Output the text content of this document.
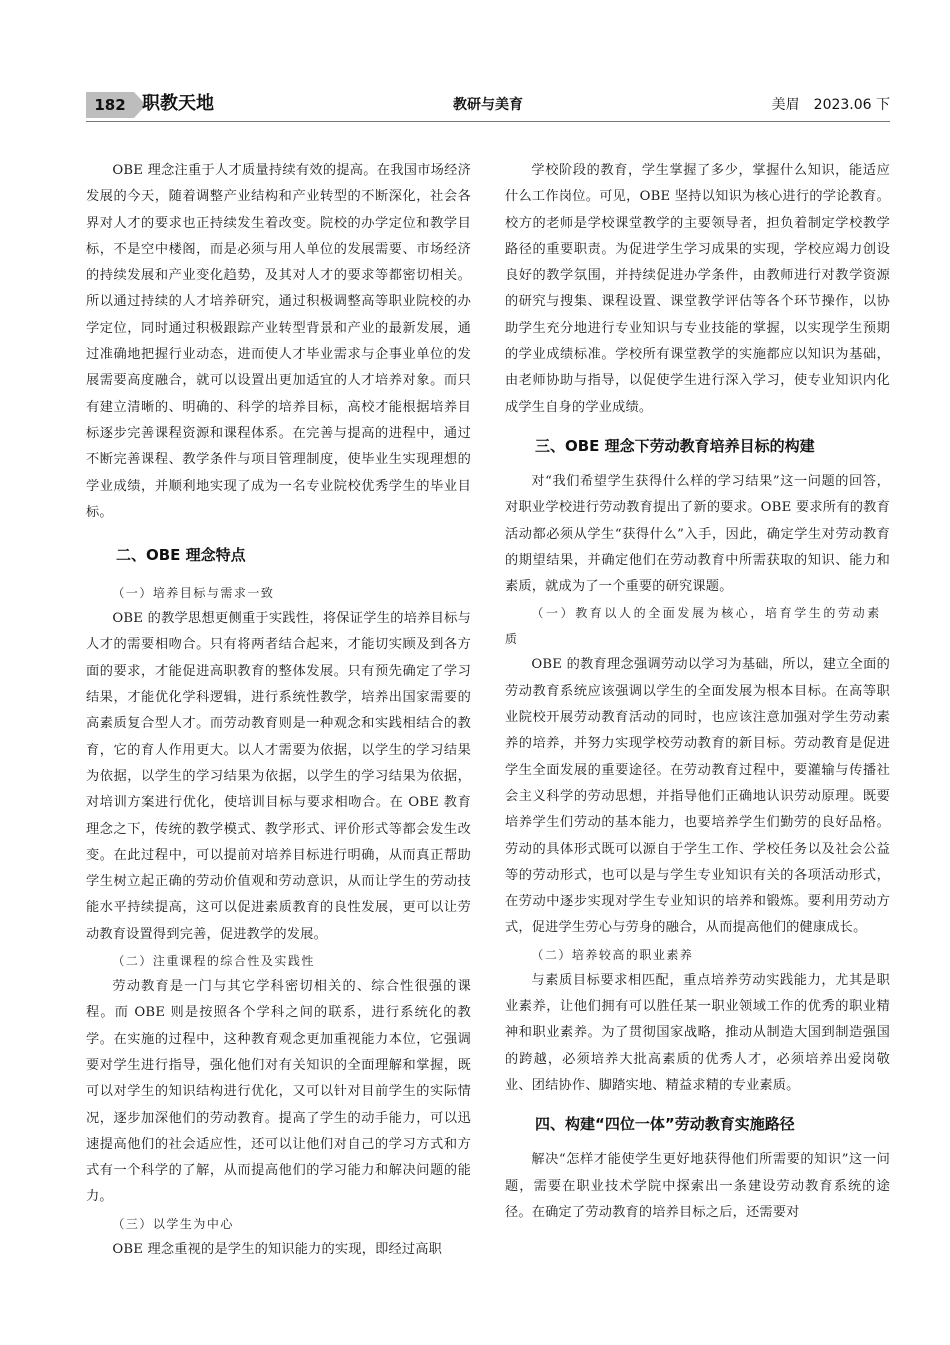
182 职教天地	教研与美育	美眉　2023.06 下

OBE 理念注重于人才质量持续有效的提高。在我国市场经济发展的今天，随着调整产业结构和产业转型的不断深化，社会各界对人才的要求也正持续发生着改变。院校的办学定位和教学目标，不是空中楼阁，而是必须与用人单位的发展需要、市场经济的持续发展和产业变化趋势，及其对人才的要求等都密切相关。所以通过持续的人才培养研究，通过积极调整高等职业院校的办学定位，同时通过积极跟踪产业转型背景和产业的最新发展，通过准确地把握行业动态，进而使人才毕业需求与企事业单位的发展需要高度融合，就可以设置出更加适宜的人才培养对象。而只有建立清晰的、明确的、科学的培养目标，高校才能根据培养目标逐步完善课程资源和课程体系。在完善与提高的进程中，通过不断完善课程、教学条件与项目管理制度，使毕业生实现理想的学业成绩，并顺利地实现了成为一名专业院校优秀学生的毕业目标。

二、OBE 理念特点
（一）培养目标与需求一致

OBE 的教学思想更侧重于实践性，将保证学生的培养目标与人才的需要相吻合。只有将两者结合起来，才能切实顾及到各方面的要求，才能促进高职教育的整体发展。只有预先确定了学习结果，才能优化学科逻辑，进行系统性教学，培养出国家需要的高素质复合型人才。而劳动教育则是一种观念和实践相结合的教育，它的育人作用更大。以人才需要为依据，以学生的学习结果为依据，以学生的学习结果为依据，以学生的学习结果为依据，对培训方案进行优化，使培训目标与要求相吻合。在 OBE 教育理念之下，传统的教学模式、教学形式、评价形式等都会发生改变。在此过程中，可以提前对培养目标进行明确，从而真正帮助学生树立起正确的劳动价值观和劳动意识，从而让学生的劳动技能水平持续提高，这可以促进素质教育的良性发展，更可以让劳动教育设置得到完善，促进教学的发展。

（二）注重课程的综合性及实践性

劳动教育是一门与其它学科密切相关的、综合性很强的课程。而 OBE 则是按照各个学科之间的联系，进行系统化的教学。在实施的过程中，这种教育观念更加重视能力本位，它强调要对学生进行指导，强化他们对有关知识的全面理解和掌握，既可以对学生的知识结构进行优化，又可以针对目前学生的实际情况，逐步加深他们的劳动教育。提高了学生的动手能力，可以迅速提高他们的社会适应性，还可以让他们对自己的学习方式和方式有一个科学的了解，从而提高他们的学习能力和解决问题的能力。

（三）以学生为中心

OBE 理念重视的是学生的知识能力的实现，即经过高职

学校阶段的教育，学生掌握了多少，掌握什么知识，能适应什么工作岗位。可见，OBE 坚持以知识为核心进行的学论教育。校方的老师是学校课堂教学的主要领导者，担负着制定学校教学路径的重要职责。为促进学生学习成果的实现，学校应竭力创设良好的教学氛围，并持续促进办学条件，由教师进行对教学资源的研究与搜集、课程设置、课堂教学评估等各个环节操作，以协助学生充分地进行专业知识与专业技能的掌握，以实现学生预期的学业成绩标准。学校所有课堂教学的实施都应以知识为基础，由老师协助与指导，以促使学生进行深入学习，使专业知识内化成学生自身的学业成绩。

三、OBE 理念下劳动教育培养目标的构建

对“我们希望学生获得什么样的学习结果”这一问题的回答，对职业学校进行劳动教育提出了新的要求。OBE 要求所有的教育活动都必须从学生“获得什么”入手，因此，确定学生对劳动教育的期望结果，并确定他们在劳动教育中所需获取的知识、能力和素质，就成为了一个重要的研究课题。

（一）教育以人的全面发展为核心，培育学生的劳动素质

OBE 的教育理念强调劳动以学习为基础，所以，建立全面的劳动教育系统应该强调以学生的全面发展为根本目标。在高等职业院校开展劳动教育活动的同时，也应该注意加强对学生劳动素养的培养，并努力实现学校劳动教育的新目标。劳动教育是促进学生全面发展的重要途径。在劳动教育过程中，要灌输与传播社会主义科学的劳动思想，并指导他们正确地认识劳动原理。既要培养学生们劳动的基本能力，也要培养学生们勤劳的良好品格。劳动的具体形式既可以源自于学生工作、学校任务以及社会公益等的劳动形式，也可以是与学生专业知识有关的各项活动形式，在劳动中逐步实现对学生专业知识的培养和锻炼。要利用劳动方式，促进学生劳心与劳身的融合，从而提高他们的健康成长。

（二）培养较高的职业素养

与素质目标要求相匹配，重点培养劳动实践能力，尤其是职业素养，让他们拥有可以胜任某一职业领域工作的优秀的职业精神和职业素养。为了贯彻国家战略，推动从制造大国到制造强国的跨越，必须培养大批高素质的优秀人才，必须培养出爱岗敬业、团结协作、脚踏实地、精益求精的专业素质。

四、构建“四位一体”劳动教育实施路径

解决“怎样才能使学生更好地获得他们所需要的知识”这一问题，需要在职业技术学院中探索出一条建设劳动教育系统的途径。在确定了劳动教育的培养目标之后，还需要对
